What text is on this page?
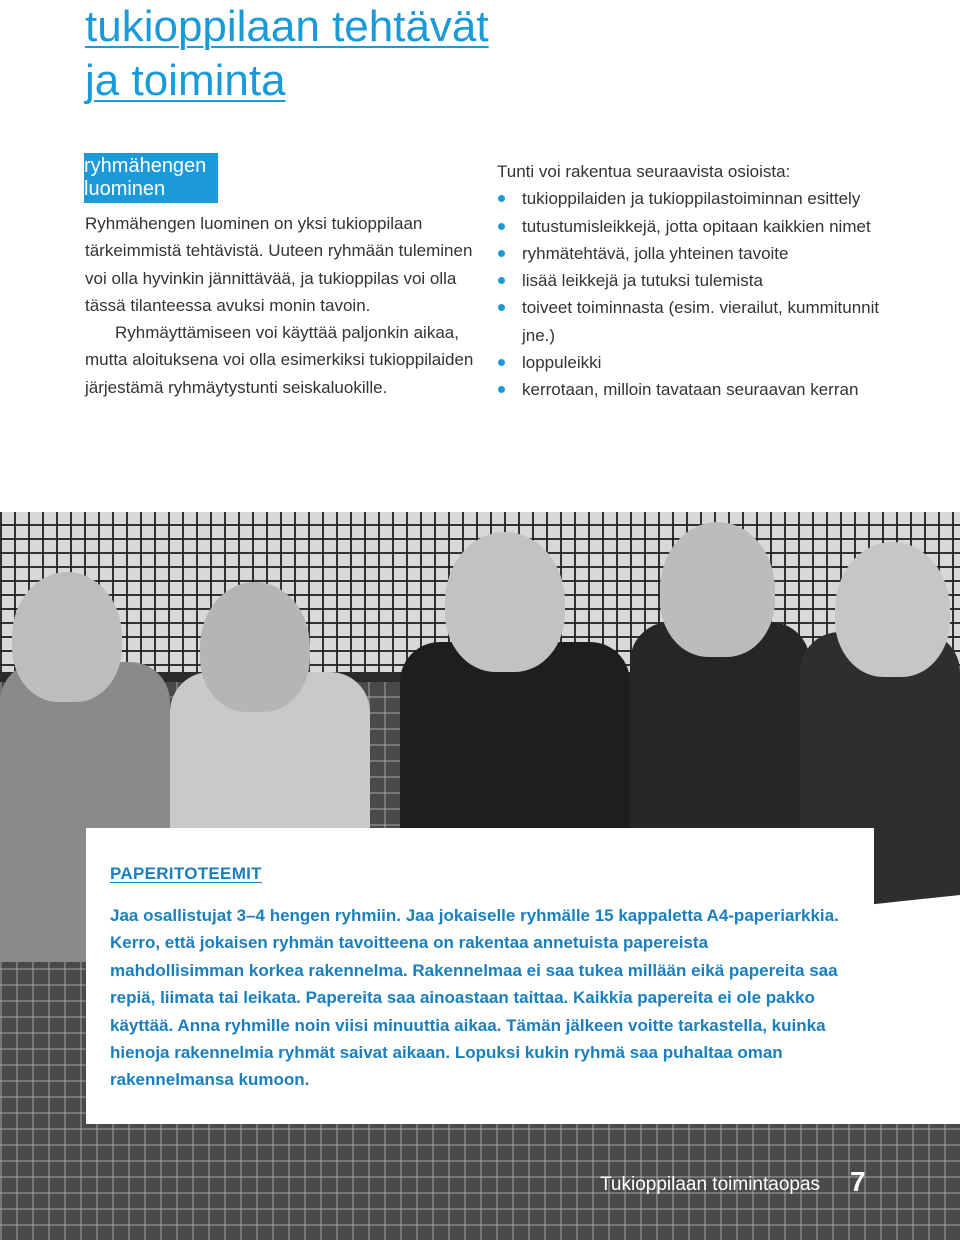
tukioppilaan tehtävät
ja toiminta
ryhmähengen
luominen

Ryhmähengen luominen on yksi tukioppilaan tärkeimmistä tehtävistä. Uuteen ryhmään tuleminen voi olla hyvinkin jännittävää, ja tukioppilas voi olla tässä tilanteessa avuksi monin tavoin.

Ryhmäyttämiseen voi käyttää paljonkin aikaa, mutta aloituksena voi olla esimerkiksi tukioppilaiden järjestämä ryhmäytystunti seiskaluokille.

Tunti voi rakentua seuraavista osioista:
tukioppilaiden ja tukioppilastoiminnan esittely
tutustumisleikkejä, jotta opitaan kaikkien nimet
ryhmätehtävä, jolla yhteinen tavoite
lisää leikkejä ja tutuksi tulemista
toiveet toiminnasta (esim. vierailut, kummitunnit jne.)
loppuleikki
kerrotaan, milloin tavataan seuraavan kerran
PAPERITOTEEMIT

Jaa osallistujat 3–4 hengen ryhmiin. Jaa jokaiselle ryhmälle 15 kappaletta A4-paperiarkkia. Kerro, että jokaisen ryhmän tavoitteena on rakentaa annetuista papereista mahdollisimman korkea rakennelma. Rakennelmaa ei saa tukea millään eikä papereita saa repiä, liimata tai leikata. Papereita saa ainoastaan taittaa. Kaikkia papereita ei ole pakko käyttää. Anna ryhmille noin viisi minuuttia aikaa. Tämän jälkeen voitte tarkastella, kuinka hienoja rakennelmia ryhmät saivat aikaan. Lopuksi kukin ryhmä saa puhaltaa oman rakennelmansa kumoon.

Tukioppilaan toimintaopas 7
